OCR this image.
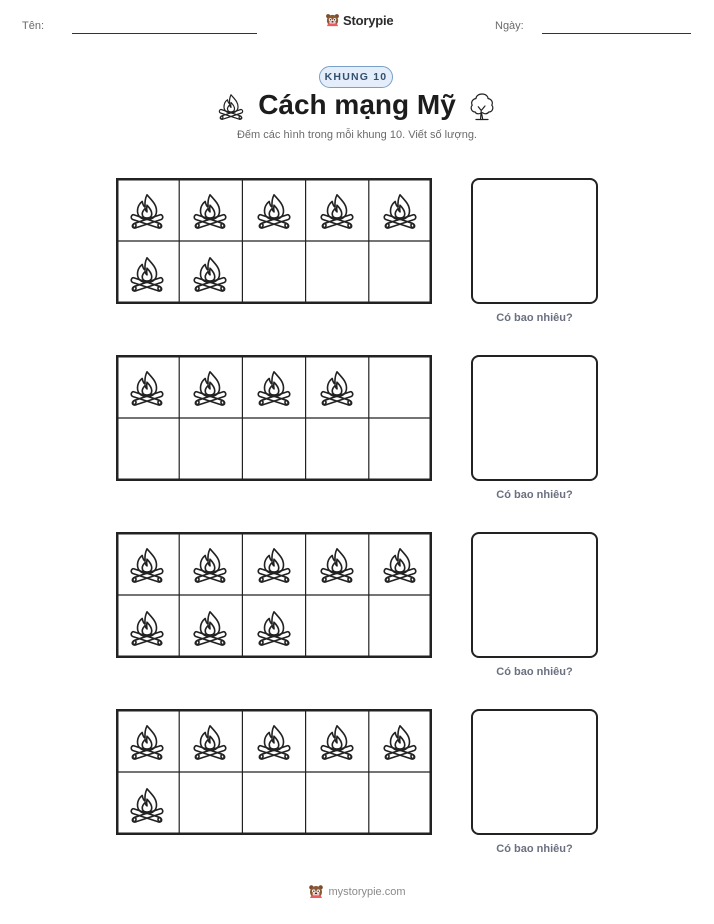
Tên:	Storypie	Ngày:
KHUNG 10
Cách mạng Mỹ
Đếm các hình trong mỗi khung 10. Viết số lượng.
Có bao nhiêu?
Có bao nhiêu?
Có bao nhiêu?
Có bao nhiêu?
mystorypie.com
